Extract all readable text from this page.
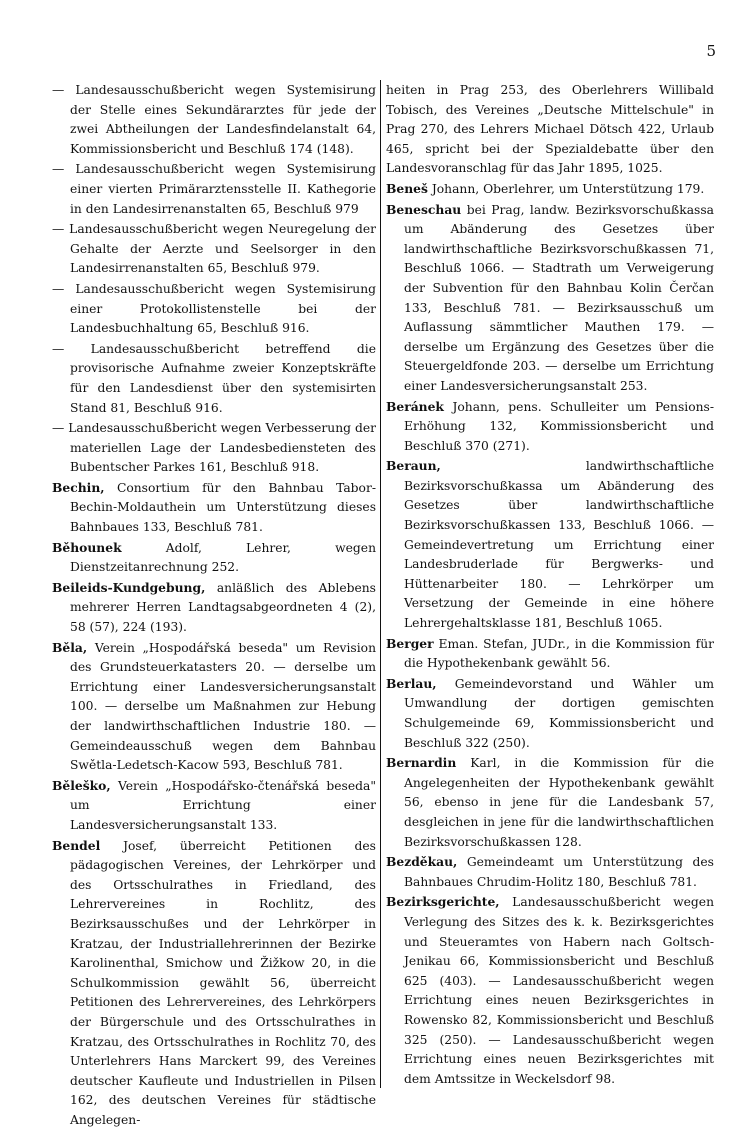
5

— Landesausschußbericht wegen Systemisirung der Stelle eines Sekundärarztes für jede der zwei Abtheilungen der Landesfindelanstalt 64, Kommissionsbericht und Beschluß 174 (148).

— Landesausschußbericht wegen Systemisirung einer vierten Primärarztensstelle II. Kathegorie in den Landesirrenanstalten 65, Beschluß 979

— Landesausschußbericht wegen Neuregelung der Gehalte der Aerzte und Seelsorger in den Landesirrenanstalten 65, Beschluß 979.

— Landesausschußbericht wegen Systemisirung einer Protokollistenstelle bei der Landesbuchhaltung 65, Beschluß 916.

— Landesausschußbericht betreffend die provisorische Aufnahme zweier Konzeptskräfte für den Landesdienst über den systemisirten Stand 81, Beschluß 916.

— Landesausschußbericht wegen Verbesserung der materiellen Lage der Landesbediensteten des Bubentscher Parkes 161, Beschluß 918.

Bechin, Consortium für den Bahnbau Tabor-Bechin-Moldauthein um Unterstützung dieses Bahnbaues 133, Beschluß 781.

Běhounek	Adolf, Lehrer, wegen Dienstzeitanrechnung 252.

Beileids-Kundgebung, anläßlich des Ablebens mehrerer Herren Landtagsabgeordneten 4 (2), 58 (57), 224 (193).

Běla, Verein „Hospodářská beseda" um Revision des Grundsteuerkatasters 20. — derselbe um Errichtung einer Landesversicherungsanstalt 100. — derselbe um Maßnahmen zur Hebung der landwirthschaftlichen Industrie 180. — Gemeindeausschuß wegen dem Bahnbau Swětla-Ledetsch-Kacow 593, Beschluß 781.

Běleško, Verein „Hospodářsko-čtenářská beseda" um Errichtung einer Landesversicherungsanstalt 133.

Bendel Josef, überreicht Petitionen des pädagogischen Vereines, der Lehrkörper und des Ortsschulrathes in Friedland, des Lehrervereines in Rochlitz, des Bezirksausschußes und der Lehrkörper in Kratzau, der Industriallehrerinnen der Bezirke Karolinenthal, Smichow und Žižkow 20, in die Schulkommission gewählt 56, überreicht Petitionen des Lehrervereines, des Lehrkörpers der Bürgerschule und des Ortsschulrathes in Kratzau, des Ortsschulrathes in Rochlitz 70, des Unterlehrers Hans Marckert 99, des Vereines deutscher Kaufleute und Industriellen in Pilsen 162, des deutschen Vereines für städtische Angelegen-

heiten in Prag 253, des Oberlehrers Willibald Tobisch, des Vereines „Deutsche Mittelschule" in Prag 270, des Lehrers Michael Dötsch 422, Urlaub 465, spricht bei der Spezialdebatte über den Landesvoranschlag für das Jahr 1895, 1025.

Beneš Johann, Oberlehrer, um Unterstützung 179.

Beneschau bei Prag, landw. Bezirksvorschußkassa um Abänderung des Gesetzes über landwirthschaftliche Bezirksvorschußkassen 71, Beschluß 1066. — Stadtrath um Verweigerung der Subvention für den Bahnbau Kolin Čerčan 133, Beschluß 781. — Bezirksausschuß um Auflassung sämmtlicher Mauthen 179. — derselbe um Ergänzung des Gesetzes über die Steuergeldfonde 203. — derselbe um Errichtung einer Landesversicherungsanstalt 253.

Beránek Johann, pens. Schulleiter um Pensions-Erhöhung 132, Kommissionsbericht und Beschluß 370 (271).

Beraun,	landwirthschaftliche Bezirksvorschußkassa um Abänderung des Gesetzes über landwirthschaftliche Bezirksvorschußkassen 133, Beschluß 1066. — Gemeindevertretung um Errichtung einer Landesbruderlade für Bergwerks- und Hüttenarbeiter 180. — Lehrkörper um Versetzung der Gemeinde in eine höhere Lehrergehaltsklasse 181, Beschluß 1065.

Berger Eman. Stefan, JUDr., in die Kommission für die Hypothekenbank gewählt 56.

Berlau, Gemeindevorstand und Wähler um Umwandlung der dortigen gemischten Schulgemeinde 69, Kommissionsbericht und Beschluß 322 (250).

Bernardin Karl, in die Kommission für die Angelegenheiten der Hypothekenbank gewählt 56, ebenso in jene für die Landesbank 57, desgleichen in jene für die landwirthschaftlichen Bezirksvorschußkassen 128.

Bezděkau, Gemeindeamt um Unterstützung des Bahnbaues Chrudim-Holitz 180, Beschluß 781.

Bezirksgerichte, Landesausschußbericht wegen Verlegung des Sitzes des k. k. Bezirksgerichtes und Steueramtes von Habern nach Goltsch-Jenikau 66, Kommissionsbericht und Beschluß 625 (403). — Landesausschußbericht wegen Errichtung eines neuen Bezirksgerichtes in Rowensko 82, Kommissionsbericht und Beschluß 325 (250). — Landesausschußbericht wegen Errichtung eines neuen Bezirksgerichtes mit dem Amtssitze in Weckelsdorf 98.
